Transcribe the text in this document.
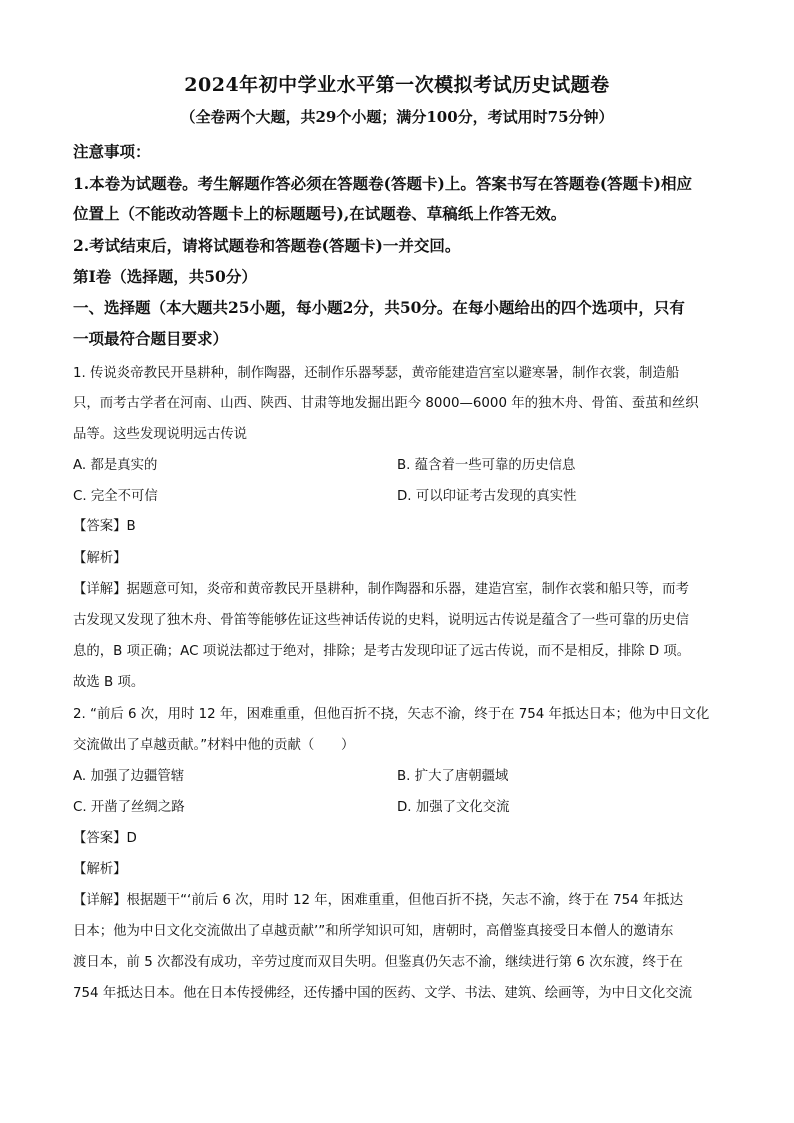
2024年初中学业水平第一次模拟考试历史试题卷
（全卷两个大题，共29个小题；满分100分，考试用时75分钟）
注意事项：
1.本卷为试题卷。考生解题作答必须在答题卷(答题卡)上。答案书写在答题卷(答题卡)相应
位置上（不能改动答题卡上的标题题号),在试题卷、草稿纸上作答无效。
2.考试结束后，请将试题卷和答题卷(答题卡)一并交回。
第Ⅰ卷（选择题，共50分）
一、选择题（本大题共25小题，每小题2分，共50分。在每小题给出的四个选项中，只有
一项最符合题目要求）
1. 传说炎帝教民开垦耕种，制作陶器，还制作乐器琴瑟，黄帝能建造宫室以避寒暑，制作衣裳，制造船
只，而考古学者在河南、山西、陕西、甘肃等地发掘出距今 8000—6000 年的独木舟、骨笛、蚕茧和丝织
品等。这些发现说明远古传说
A. 都是真实的	B. 蕴含着一些可靠的历史信息
C. 完全不可信	D. 可以印证考古发现的真实性
【答案】B
【解析】
【详解】据题意可知，炎帝和黄帝教民开垦耕种，制作陶器和乐器，建造宫室，制作衣裳和船只等，而考
古发现又发现了独木舟、骨笛等能够佐证这些神话传说的史料，说明远古传说是蕴含了一些可靠的历史信
息的，B 项正确；AC 项说法都过于绝对，排除；是考古发现印证了远古传说，而不是相反，排除 D 项。
故选 B 项。
2. “前后 6 次，用时 12 年，困难重重，但他百折不挠，矢志不渝，终于在 754 年抵达日本；他为中日文化
交流做出了卓越贡献。”材料中他的贡献（　　）
A. 加强了边疆管辖	B. 扩大了唐朝疆域
C. 开凿了丝绸之路	D. 加强了文化交流
【答案】D
【解析】
【详解】根据题干“‘前后 6 次，用时 12 年，困难重重，但他百折不挠，矢志不渝，终于在 754 年抵达
日本；他为中日文化交流做出了卓越贡献’”和所学知识可知，唐朝时，高僧鉴真接受日本僧人的邀请东
渡日本，前 5 次都没有成功，辛劳过度而双目失明。但鉴真仍矢志不渝，继续进行第 6 次东渡，终于在
754 年抵达日本。他在日本传授佛经，还传播中国的医药、文学、书法、建筑、绘画等，为中日文化交流
